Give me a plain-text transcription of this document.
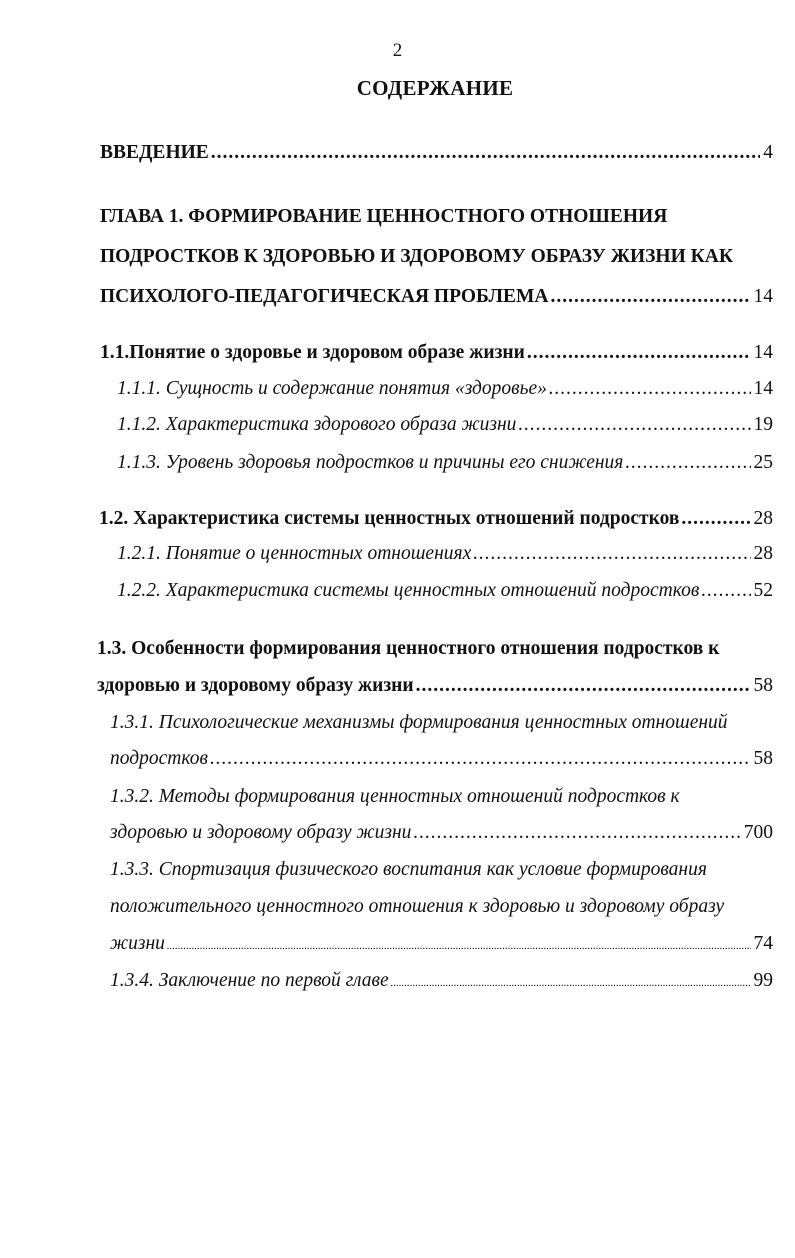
2
СОДЕРЖАНИЕ
ВВЕДЕНИЕ .....	4
ГЛАВА 1. ФОРМИРОВАНИЕ ЦЕННОСТНОГО ОТНОШЕНИЯ
ПОДРОСТКОВ К ЗДОРОВЬЮ И ЗДОРОВОМУ ОБРАЗУ ЖИЗНИ КАК
ПСИХОЛОГО-ПЕДАГОГИЧЕСКАЯ ПРОБЛЕМА .....	14
1.1. Понятие о здоровье и здоровом образе жизни .....	14
1.1.1. Сущность и содержание понятия «здоровье» .....	14
1.1.2. Характеристика здорового образа жизни .....	19
1.1.3. Уровень здоровья подростков и причины его снижения .....	25
1.2. Характеристика системы ценностных отношений подростков .....	28
1.2.1. Понятие о ценностных отношениях .....	28
1.2.2. Характеристика системы ценностных отношений подростков .....	52
1.3. Особенности формирования ценностного отношения подростков к
здоровью и здоровому образу жизни .....	58
1.3.1. Психологические механизмы формирования ценностных отношений
подростков .....	58
1.3.2. Методы формирования ценностных отношений подростков к
здоровью и здоровому образу жизни .....	700
1.3.3. Спортизация физического воспитания как условие формирования
положительного ценностного отношения к здоровью и здоровому образу
жизни .....	74
1.3.4. Заключение по первой главе .....	99
